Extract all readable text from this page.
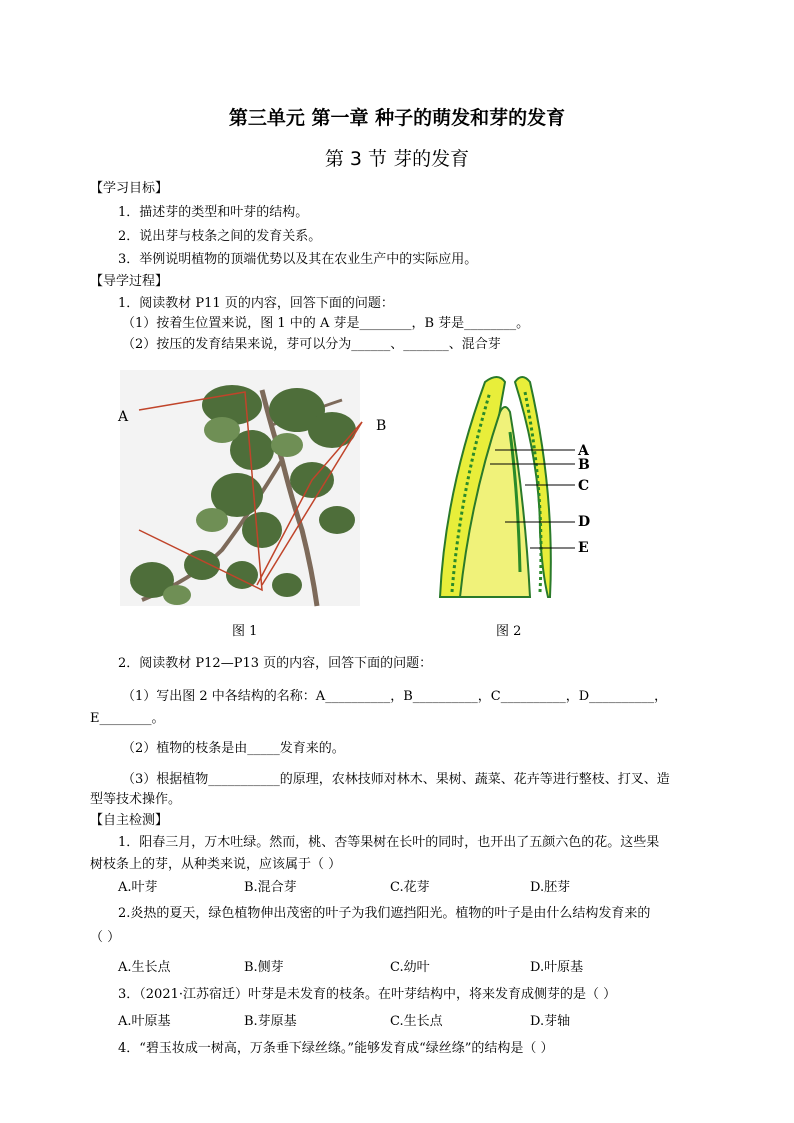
第三单元 第一章 种子的萌发和芽的发育
第 3 节 芽的发育
【学习目标】
1．描述芽的类型和叶芽的结构。
2．说出芽与枝条之间的发育关系。
3．举例说明植物的顶端优势以及其在农业生产中的实际应用。
【导学过程】
1．阅读教材 P11 页的内容，回答下面的问题：
（1）按着生位置来说，图 1 中的 A 芽是________，B 芽是________。
（2）按压的发育结果来说，芽可以分为______、_______、混合芽
A
B
A
B
C
D
E
图 1	图 2
2．阅读教材 P12—P13 页的内容，回答下面的问题：
（1）写出图 2 中各结构的名称：A__________，B__________，C__________，D__________，
E________。
（2）植物的枝条是由_____发育来的。
（3）根据植物___________的原理，农林技师对林木、果树、蔬菜、花卉等进行整枝、打叉、造
型等技术操作。
【自主检测】
1．阳春三月，万木吐绿。然而，桃、杏等果树在长叶的同时，也开出了五颜六色的花。这些果
树枝条上的芽，从种类来说，应该属于（ ）
A.叶芽	B.混合芽	C.花芽	D.胚芽
2.炎热的夏天，绿色植物伸出茂密的叶子为我们遮挡阳光。植物的叶子是由什么结构发育来的
（ ）
A.生长点	B.侧芽	C.幼叶	D.叶原基
3．（2021·江苏宿迁）叶芽是未发育的枝条。在叶芽结构中，将来发育成侧芽的是（ ）
A.叶原基	B.芽原基	C.生长点	D.芽轴
4．“碧玉妆成一树高，万条垂下绿丝绦。”能够发育成“绿丝绦”的结构是（ ）
